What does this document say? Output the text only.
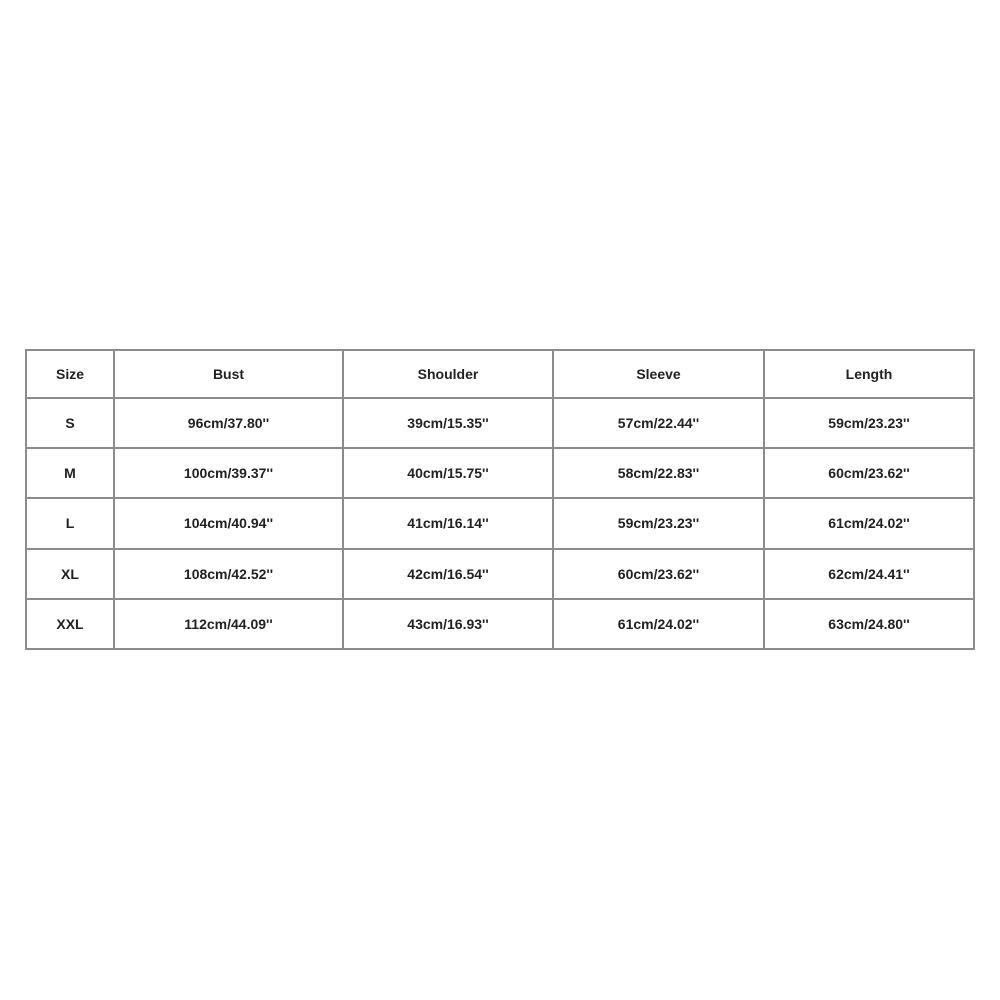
Size	Bust	Shoulder	Sleeve	Length
S	96cm/37.80''	39cm/15.35''	57cm/22.44''	59cm/23.23''
M	100cm/39.37''	40cm/15.75''	58cm/22.83''	60cm/23.62''
L	104cm/40.94''	41cm/16.14''	59cm/23.23''	61cm/24.02''
XL	108cm/42.52''	42cm/16.54''	60cm/23.62''	62cm/24.41''
XXL	112cm/44.09''	43cm/16.93''	61cm/24.02''	63cm/24.80''
